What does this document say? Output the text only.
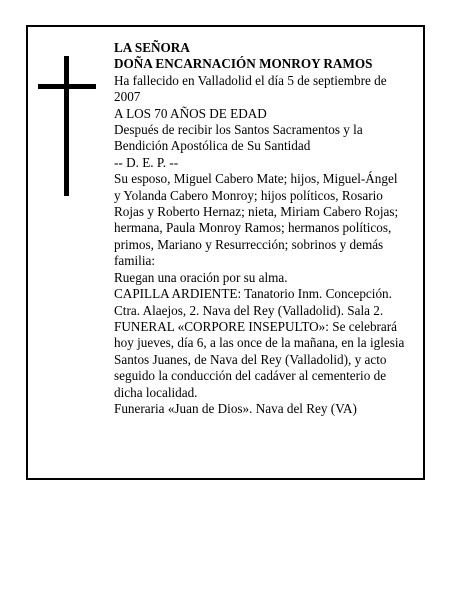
LA SEÑORA

DOÑA ENCARNACIÓN MONROY RAMOS

Ha fallecido en Valladolid el día 5 de septiembre de 2007

A LOS 70 AÑOS DE EDAD

Después de recibir los Santos Sacramentos y la Bendición Apostólica de Su Santidad

-- D. E. P. --

Su esposo, Miguel Cabero Mate; hijos, Miguel-Ángel y Yolanda Cabero Monroy; hijos políticos, Rosario Rojas y Roberto Hernaz; nieta, Miriam Cabero Rojas; hermana, Paula Monroy Ramos; hermanos políticos, primos, Mariano y Resurrección; sobrinos y demás familia:

Ruegan una oración por su alma.

CAPILLA ARDIENTE: Tanatorio Inm. Concepción. Ctra. Alaejos, 2. Nava del Rey (Valladolid). Sala 2.

FUNERAL «CORPORE INSEPULTO»: Se celebrará hoy jueves, día 6, a las once de la mañana, en la iglesia Santos Juanes, de Nava del Rey (Valladolid), y acto seguido la conducción del cadáver al cementerio de dicha localidad.

Funeraria «Juan de Dios». Nava del Rey (VA)
